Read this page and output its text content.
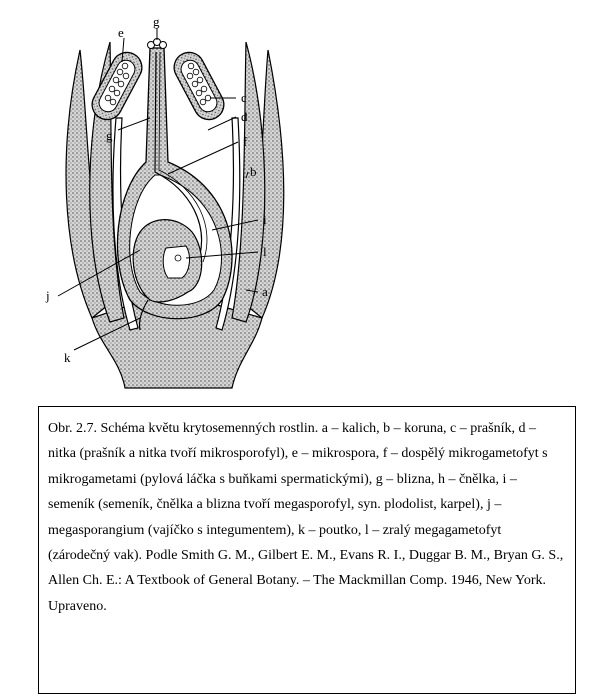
g
e
g
c
d
f
b
i
l
a
j
k

Obr. 2.7. Schéma květu krytosemenných rostlin. a – kalich, b – koruna, c – prašník, d – nitka (prašník a nitka tvoří mikrosporofyl), e – mikrospora, f – dospělý mikrogametofyt s mikrogametami (pylová láčka s buňkami spermatickými), g – blizna, h – čnělka, i – semeník (semeník, čnělka a blizna tvoří megasporofyl, syn. plodolist, karpel), j – megasporangium (vajíčko s integumentem), k – poutko, l – zralý megagametofyt (zárodečný vak). Podle Smith G. M., Gilbert E. M., Evans R. I., Duggar B. M., Bryan G. S., Allen Ch. E.: A Textbook of General Botany. – The Mackmillan Comp. 1946, New York. Upraveno.
